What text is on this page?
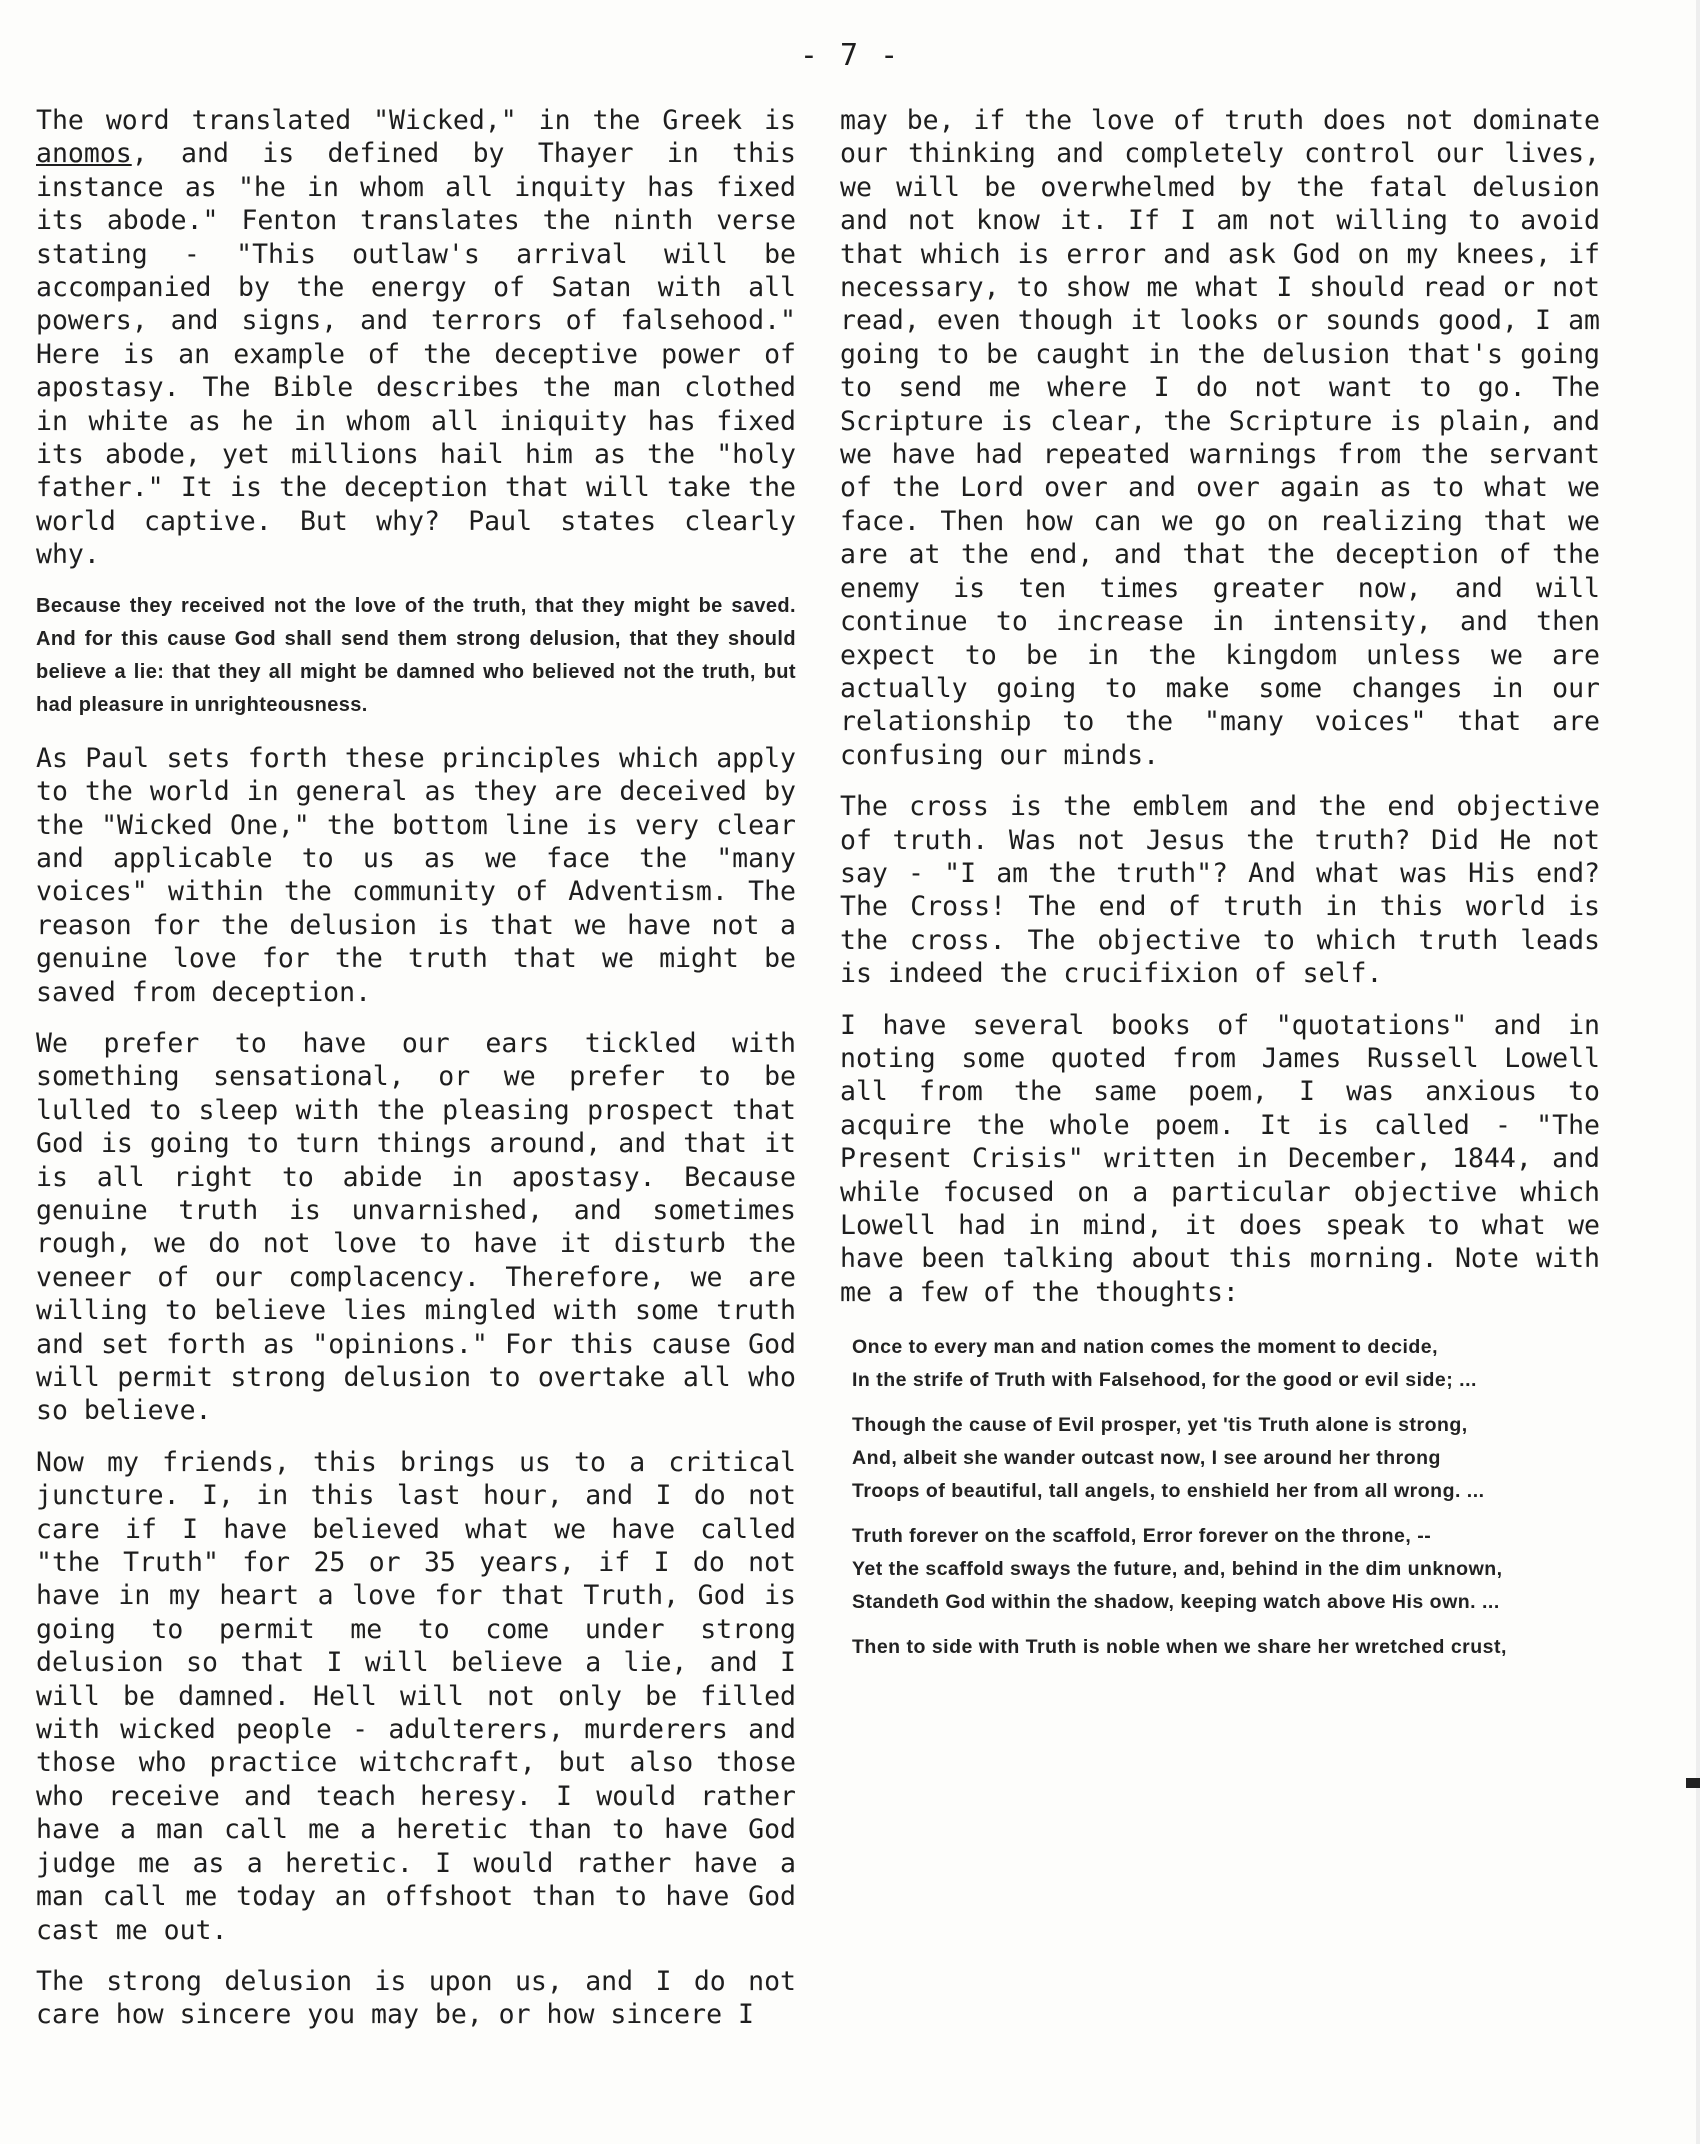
- 7 -

The word translated "Wicked," in the Greek is anomos, and is defined by Thayer in this instance as "he in whom all inquity has fixed its abode." Fenton translates the ninth verse stating - "This outlaw's arrival will be accompanied by the energy of Satan with all powers, and signs, and terrors of falsehood." Here is an example of the deceptive power of apostasy. The Bible describes the man clothed in white as he in whom all iniquity has fixed its abode, yet millions hail him as the "holy father." It is the deception that will take the world captive. But why? Paul states clearly why.

Because they received not the love of the truth, that they might be saved. And for this cause God shall send them strong delusion, that they should believe a lie: that they all might be damned who believed not the truth, but had pleasure in unrighteousness.

As Paul sets forth these principles which apply to the world in general as they are deceived by the "Wicked One," the bottom line is very clear and applicable to us as we face the "many voices" within the community of Adventism. The reason for the delusion is that we have not a genuine love for the truth that we might be saved from deception.

We prefer to have our ears tickled with something sensational, or we prefer to be lulled to sleep with the pleasing prospect that God is going to turn things around, and that it is all right to abide in apostasy. Because genuine truth is unvarnished, and sometimes rough, we do not love to have it disturb the veneer of our complacency. Therefore, we are willing to believe lies mingled with some truth and set forth as "opinions." For this cause God will permit strong delusion to overtake all who so believe.

Now my friends, this brings us to a critical juncture. I, in this last hour, and I do not care if I have believed what we have called "the Truth" for 25 or 35 years, if I do not have in my heart a love for that Truth, God is going to permit me to come under strong delusion so that I will believe a lie, and I will be damned. Hell will not only be filled with wicked people - adulterers, murderers and those who practice witchcraft, but also those who receive and teach heresy. I would rather have a man call me a heretic than to have God judge me as a heretic. I would rather have a man call me today an offshoot than to have God cast me out.

The strong delusion is upon us, and I do not care how sincere you may be, or how sincere I

may be, if the love of truth does not dominate our thinking and completely control our lives, we will be overwhelmed by the fatal delusion and not know it. If I am not willing to avoid that which is error and ask God on my knees, if necessary, to show me what I should read or not read, even though it looks or sounds good, I am going to be caught in the delusion that's going to send me where I do not want to go. The Scripture is clear, the Scripture is plain, and we have had repeated warnings from the servant of the Lord over and over again as to what we face. Then how can we go on realizing that we are at the end, and that the deception of the enemy is ten times greater now, and will continue to increase in intensity, and then expect to be in the kingdom unless we are actually going to make some changes in our relationship to the "many voices" that are confusing our minds.

The cross is the emblem and the end objective of truth. Was not Jesus the truth? Did He not say - "I am the truth"? And what was His end? The Cross! The end of truth in this world is the cross. The objective to which truth leads is indeed the crucifixion of self.

I have several books of "quotations" and in noting some quoted from James Russell Lowell all from the same poem, I was anxious to acquire the whole poem. It is called - "The Present Crisis" written in December, 1844, and while focused on a particular objective which Lowell had in mind, it does speak to what we have been talking about this morning. Note with me a few of the thoughts:

Once to every man and nation comes the moment to decide,
In the strife of Truth with Falsehood, for the good or evil side; ...
Though the cause of Evil prosper, yet 'tis Truth alone is strong,
And, albeit she wander outcast now, I see around her throng
Troops of beautiful, tall angels, to enshield her from all wrong. ...
Truth forever on the scaffold, Error forever on the throne, --
Yet the scaffold sways the future, and, behind in the dim unknown,
Standeth God within the shadow, keeping watch above His own. ...
Then to side with Truth is noble when we share her wretched crust,
